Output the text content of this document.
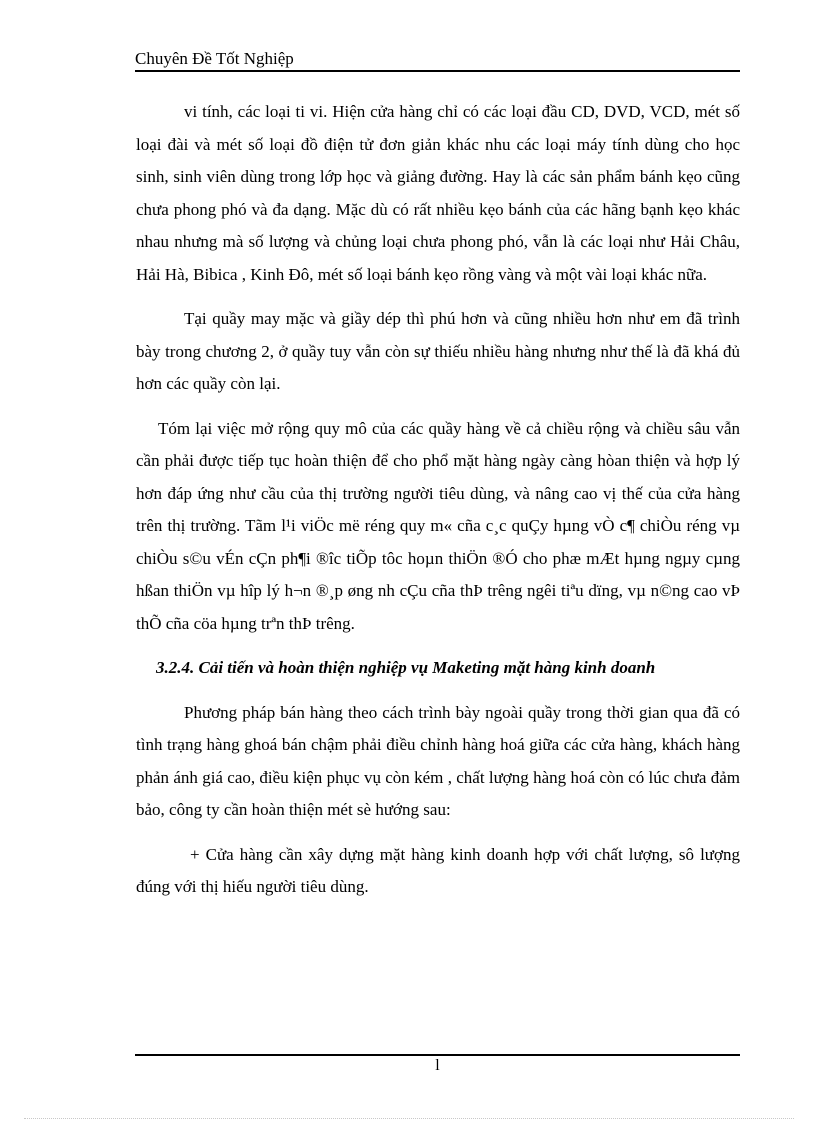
Chuyên Đề Tốt Nghiệp

vi tính, các loại ti vi. Hiện cửa hàng chỉ có các loại đầu CD, DVD, VCD, mét số loại đài và mét số loại đồ điện tử đơn giản khác nhu các loại máy tính dùng cho học sinh, sinh viên dùng trong lớp học và giảng đường. Hay là các sản phẩm bánh kẹo cũng chưa phong phó và đa dạng. Mặc dù có rất nhiều kẹo bánh của các hãng bạnh kẹo khác nhau nhưng mà số lượng và chủng loại chưa phong phó, vẫn là các loại như Hải Châu, Hải Hà, Bibica , Kinh Đô, mét số loại bánh kẹo rồng vàng và một vài loại khác nữa.

Tại quầy may mặc và giầy dép thì phú hơn và cũng nhiều hơn như em đã trình bày trong chương 2, ở quầy tuy vẫn còn sự thiếu nhiều hàng nhưng như thế là đã khá đủ hơn các quầy còn lại.

Tóm lại việc mở rộng quy mô của các quầy hàng về cả chiều rộng và chiều sâu vẫn cần phải được tiếp tục hoàn thiện để cho phổ mặt hàng ngày càng hòan thiện và hợp lý hơn đáp ứng như cầu của thị trường người tiêu dùng, và nâng cao vị thế của cửa hàng trên thị trường. Tãm l¹i viÖc më réng quy m« cña c¸c quÇy hµng vÒ c¶ chiÒu réng vµ chiÒu s©u vÉn cÇn ph¶i ®îc tiÕp tôc hoµn thiÖn ®Ó cho phæ mÆt hµng ngµy cµng hßan thiÖn vµ hîp lý h¬n ®¸p øng nh cÇu cña thÞ trêng ngêi tiªu dïng, vµ n©ng cao vÞ thÕ cña cöa hµng trªn thÞ trêng.

3.2.4. Cải tiến và hoàn thiện nghiệp vụ Maketing mặt hàng kinh doanh

Phương pháp bán hàng theo cách trình bày ngoài quầy trong thời gian qua đã có tình trạng hàng ghoá bán chậm phải điều chỉnh hàng hoá giữa các cửa hàng, khách hàng phản ánh giá cao, điều kiện phục vụ còn kém , chất lượng hàng hoá còn có lúc chưa đảm bảo, công ty cần hoàn thiện mét sè hướng sau:

+ Cửa hàng cần xây dựng mặt hàng kinh doanh hợp với chất lượng, sô lượng đúng với thị hiếu người tiêu dùng.

l
